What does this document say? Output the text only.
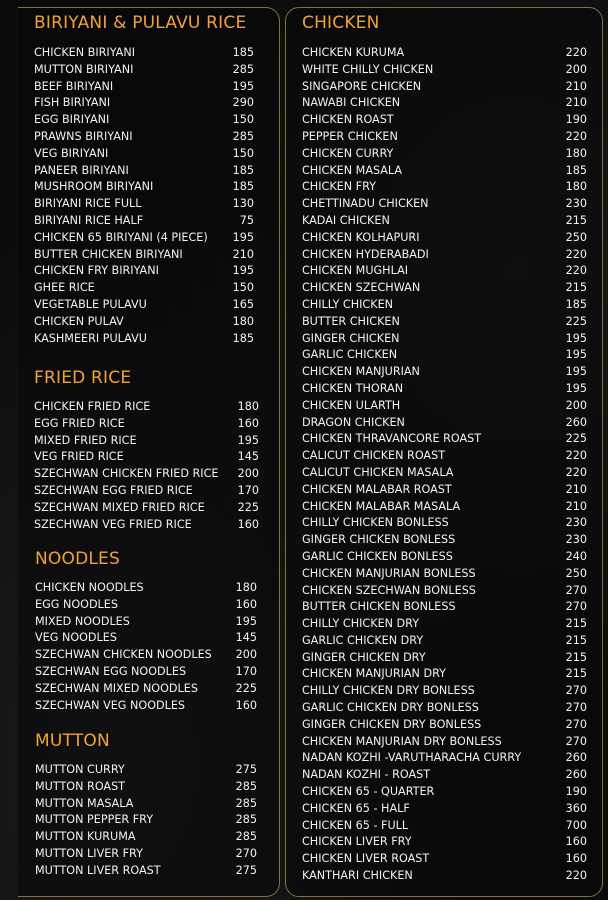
BIRIYANI & PULAVU RICE
CHICKEN BIRIYANI	185
MUTTON BIRIYANI	285
BEEF BIRIYANI	195
FISH BIRIYANI	290
EGG BIRIYANI	150
PRAWNS BIRIYANI	285
VEG BIRIYANI	150
PANEER BIRIYANI	185
MUSHROOM BIRIYANI	185
BIRIYANI RICE FULL	130
BIRIYANI RICE HALF	75
CHICKEN 65 BIRIYANI (4 PIECE) 195
BUTTER CHICKEN BIRIYANI	210
CHICKEN FRY BIRIYANI	195
GHEE RICE	150
VEGETABLE PULAVU	165
CHICKEN PULAV	180
KASHMEERI PULAVU	185
FRIED RICE
CHICKEN FRIED RICE	180
EGG FRIED RICE	160
MIXED FRIED RICE	195
VEG FRIED RICE	145
SZECHWAN CHICKEN FRIED RICE 200
SZECHWAN EGG FRIED RICE	170
SZECHWAN MIXED FRIED RICE	225
SZECHWAN VEG FRIED RICE	160
NOODLES
CHICKEN NOODLES	180
EGG NOODLES	160
MIXED NOODLES	195
VEG NOODLES	145
SZECHWAN CHICKEN NOODLES 200
SZECHWAN EGG NOODLES	170
SZECHWAN MIXED NOODLES	225
SZECHWAN VEG NOODLES	160
MUTTON
MUTTON CURRY	275
MUTTON ROAST	285
MUTTON MASALA	285
MUTTON PEPPER FRY	285
MUTTON KURUMA	285
MUTTON LIVER FRY	270
MUTTON LIVER ROAST	275
CHICKEN
CHICKEN KURUMA	220
WHITE CHILLY CHICKEN	200
SINGAPORE CHICKEN	210
NAWABI CHICKEN	210
CHICKEN ROAST	190
PEPPER CHICKEN	220
CHICKEN CURRY	180
CHICKEN MASALA	185
CHICKEN FRY	180
CHETTINADU CHICKEN	230
KADAI CHICKEN	215
CHICKEN KOLHAPURI	250
CHICKEN HYDERABADI	220
CHICKEN MUGHLAI	220
CHICKEN SZECHWAN	215
CHILLY CHICKEN	185
BUTTER CHICKEN	225
GINGER CHICKEN	195
GARLIC CHICKEN	195
CHICKEN MANJURIAN	195
CHICKEN THORAN	195
CHICKEN ULARTH	200
DRAGON CHICKEN	260
CHICKEN THRAVANCORE ROAST	225
CALICUT CHICKEN ROAST	220
CALICUT CHICKEN MASALA	220
CHICKEN MALABAR ROAST	210
CHICKEN MALABAR MASALA	210
CHILLY CHICKEN BONLESS	230
GINGER CHICKEN BONLESS	230
GARLIC CHICKEN BONLESS	240
CHICKEN MANJURIAN BONLESS	250
CHICKEN SZECHWAN BONLESS	270
BUTTER CHICKEN BONLESS	270
CHILLY CHICKEN DRY	215
GARLIC CHICKEN DRY	215
GINGER CHICKEN DRY	215
CHICKEN MANJURIAN DRY	215
CHILLY CHICKEN DRY BONLESS	270
GARLIC CHICKEN DRY BONLESS	270
GINGER CHICKEN DRY BONLESS	270
CHICKEN MANJURIAN DRY BONLESS	270
NADAN KOZHI -VARUTHARACHA CURRY	260
NADAN KOZHI - ROAST	260
CHICKEN 65 - QUARTER	190
CHICKEN 65 - HALF	360
CHICKEN 65 - FULL	700
CHICKEN LIVER FRY	160
CHICKEN LIVER ROAST	160
KANTHARI CHICKEN	220
